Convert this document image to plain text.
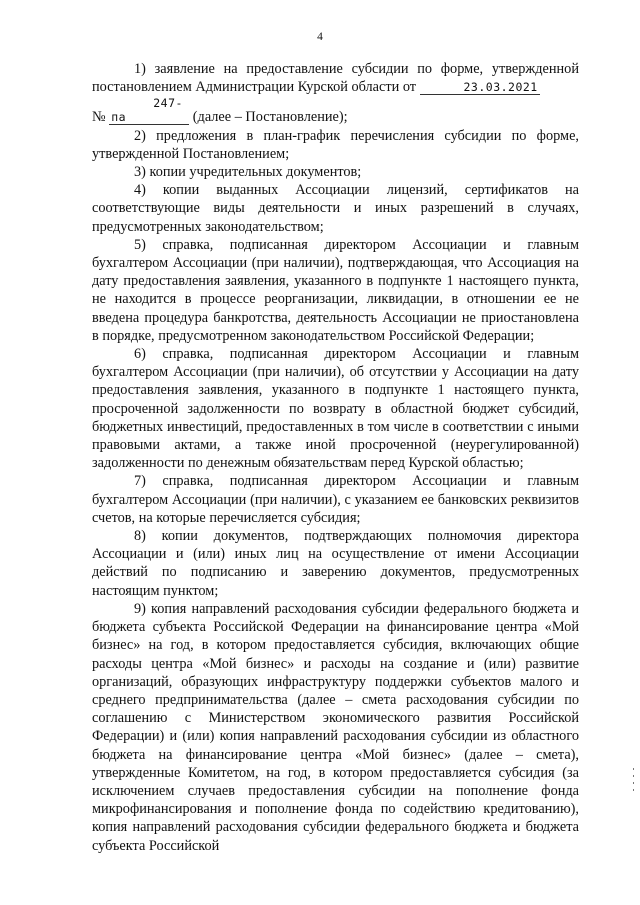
4

1) заявление на предоставление субсидии по форме, утвержденной постановлением Администрации Курской области от	23.03.2021
№ 247-па	(далее – Постановление);

2) предложения в план-график перечисления субсидии по форме, утвержденной Постановлением;

3) копии учредительных документов;

4) копии выданных Ассоциации лицензий, сертификатов на соответствующие виды деятельности и иных разрешений в случаях, предусмотренных законодательством;

5) справка, подписанная директором Ассоциации и главным бухгалтером Ассоциации (при наличии), подтверждающая, что Ассоциация на дату предоставления заявления, указанного в подпункте 1 настоящего пункта, не находится в процессе реорганизации, ликвидации, в отношении ее не введена процедура банкротства, деятельность Ассоциации не приостановлена в порядке, предусмотренном законодательством Российской Федерации;

6) справка, подписанная директором Ассоциации и главным бухгалтером Ассоциации (при наличии), об отсутствии у Ассоциации на дату предоставления заявления, указанного в подпункте 1 настоящего пункта, просроченной задолженности по возврату в областной бюджет субсидий, бюджетных инвестиций, предоставленных в том числе в соответствии с иными правовыми актами, а также иной просроченной (неурегулированной) задолженности по денежным обязательствам перед Курской областью;

7) справка, подписанная директором Ассоциации и главным бухгалтером Ассоциации (при наличии), с указанием ее банковских реквизитов счетов, на которые перечисляется субсидия;

8) копии документов, подтверждающих полномочия директора Ассоциации и (или) иных лиц на осуществление от имени Ассоциации действий по подписанию и заверению документов, предусмотренных настоящим пунктом;

9) копия направлений расходования субсидии федерального бюджета и бюджета субъекта Российской Федерации на финансирование центра «Мой бизнес» на год, в котором предоставляется субсидия, включающих общие расходы центра «Мой бизнес» и расходы на создание и (или) развитие организаций, образующих инфраструктуру поддержки субъектов малого и среднего предпринимательства (далее – смета расходования субсидии по соглашению с Министерством экономического развития Российской Федерации) и (или) копия направлений расходования субсидии из областного бюджета на финансирование центра «Мой бизнес» (далее – смета), утвержденные Комитетом, на год, в котором предоставляется субсидия (за исключением случаев предоставления субсидии на пополнение фонда микрофинансирования и пополнение фонда по содействию кредитованию), копия направлений расходования субсидии федерального бюджета и бюджета субъекта Российской
